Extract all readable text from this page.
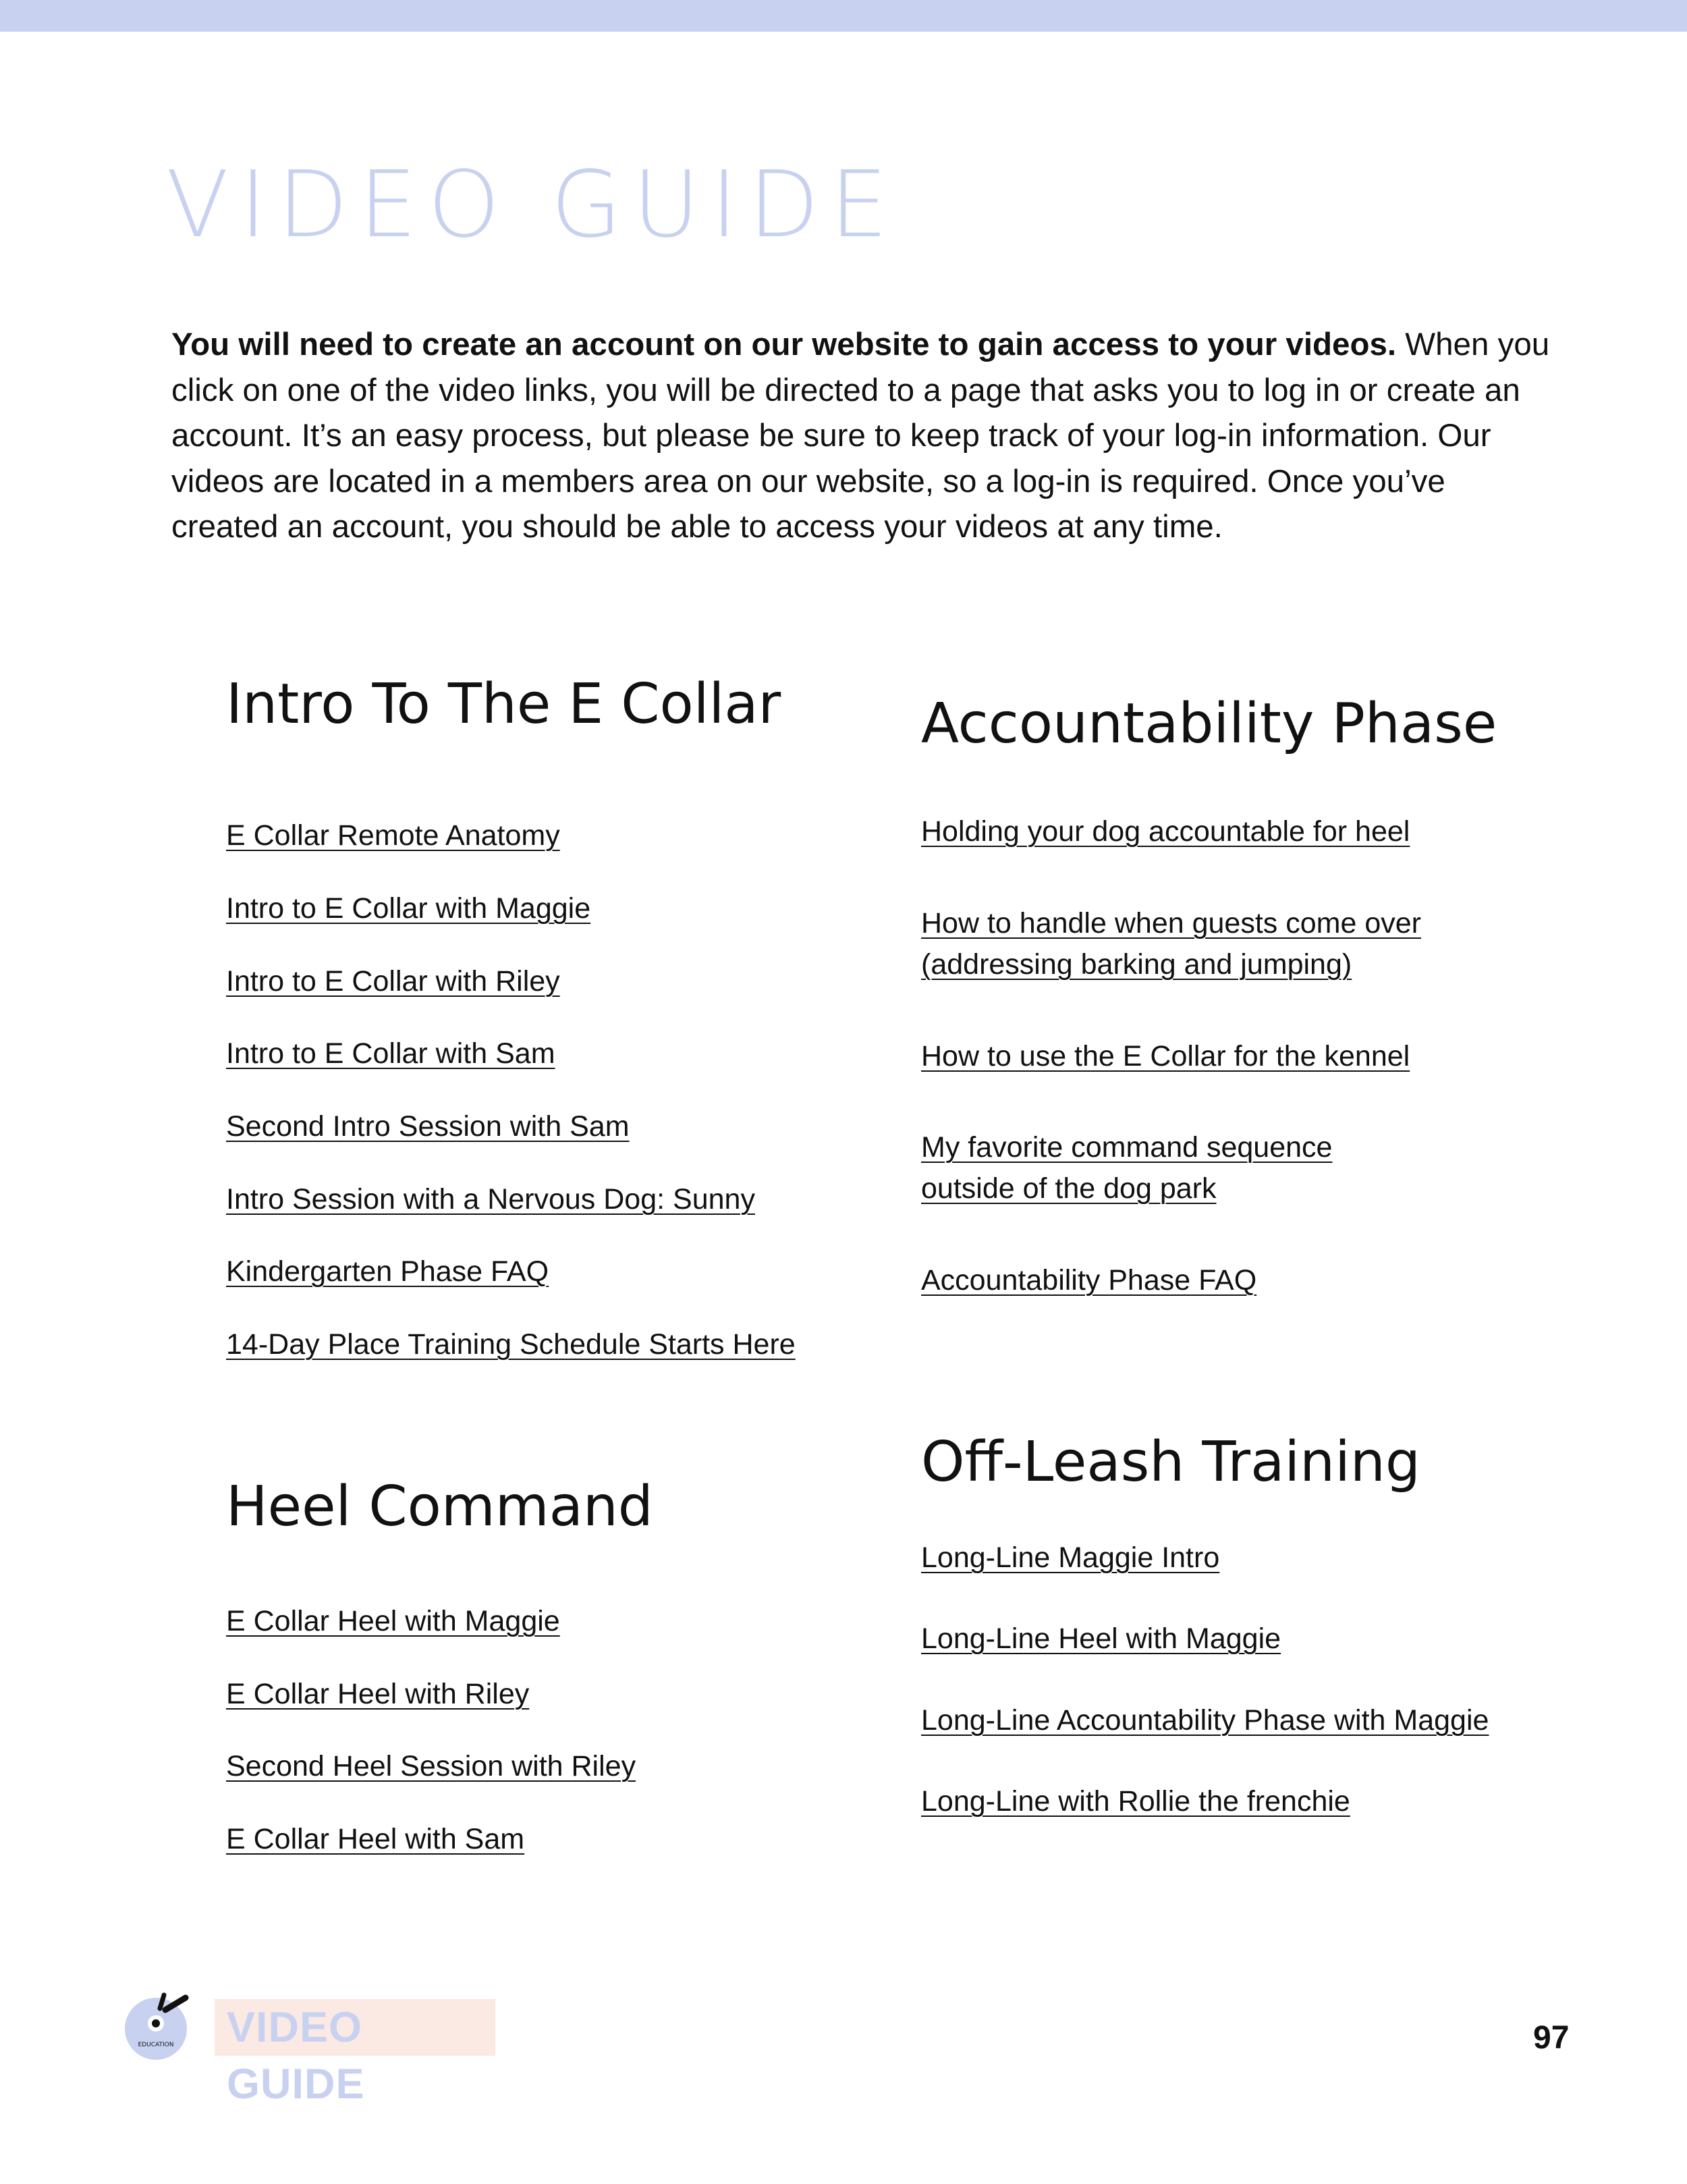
VIDEO GUIDE

You will need to create an account on our website to gain access to your videos. When you click on one of the video links, you will be directed to a page that asks you to log in or create an account. It’s an easy process, but please be sure to keep track of your log-in information. Our videos are located in a members area on our website, so a log-in is required. Once you’ve created an account, you should be able to access your videos at any time.

Intro To The E Collar
E Collar Remote Anatomy
Intro to E Collar with Maggie
Intro to E Collar with Riley
Intro to E Collar with Sam
Second Intro Session with Sam
Intro Session with a Nervous Dog: Sunny
Kindergarten Phase FAQ
14-Day Place Training Schedule Starts Here
Heel Command
E Collar Heel with Maggie
E Collar Heel with Riley
Second Heel Session with Riley
E Collar Heel with Sam
Accountability Phase
Holding your dog accountable for heel
How to handle when guests come over
(addressing barking and jumping)
How to use the E Collar for the kennel
My favorite command sequence
outside of the dog park
Accountability Phase FAQ
Off-Leash Training
Long-Line Maggie Intro
Long-Line Heel with Maggie
Long-Line Accountability Phase with Maggie
Long-Line with Rollie the frenchie
EDUCATION VIDEO GUIDE
97
